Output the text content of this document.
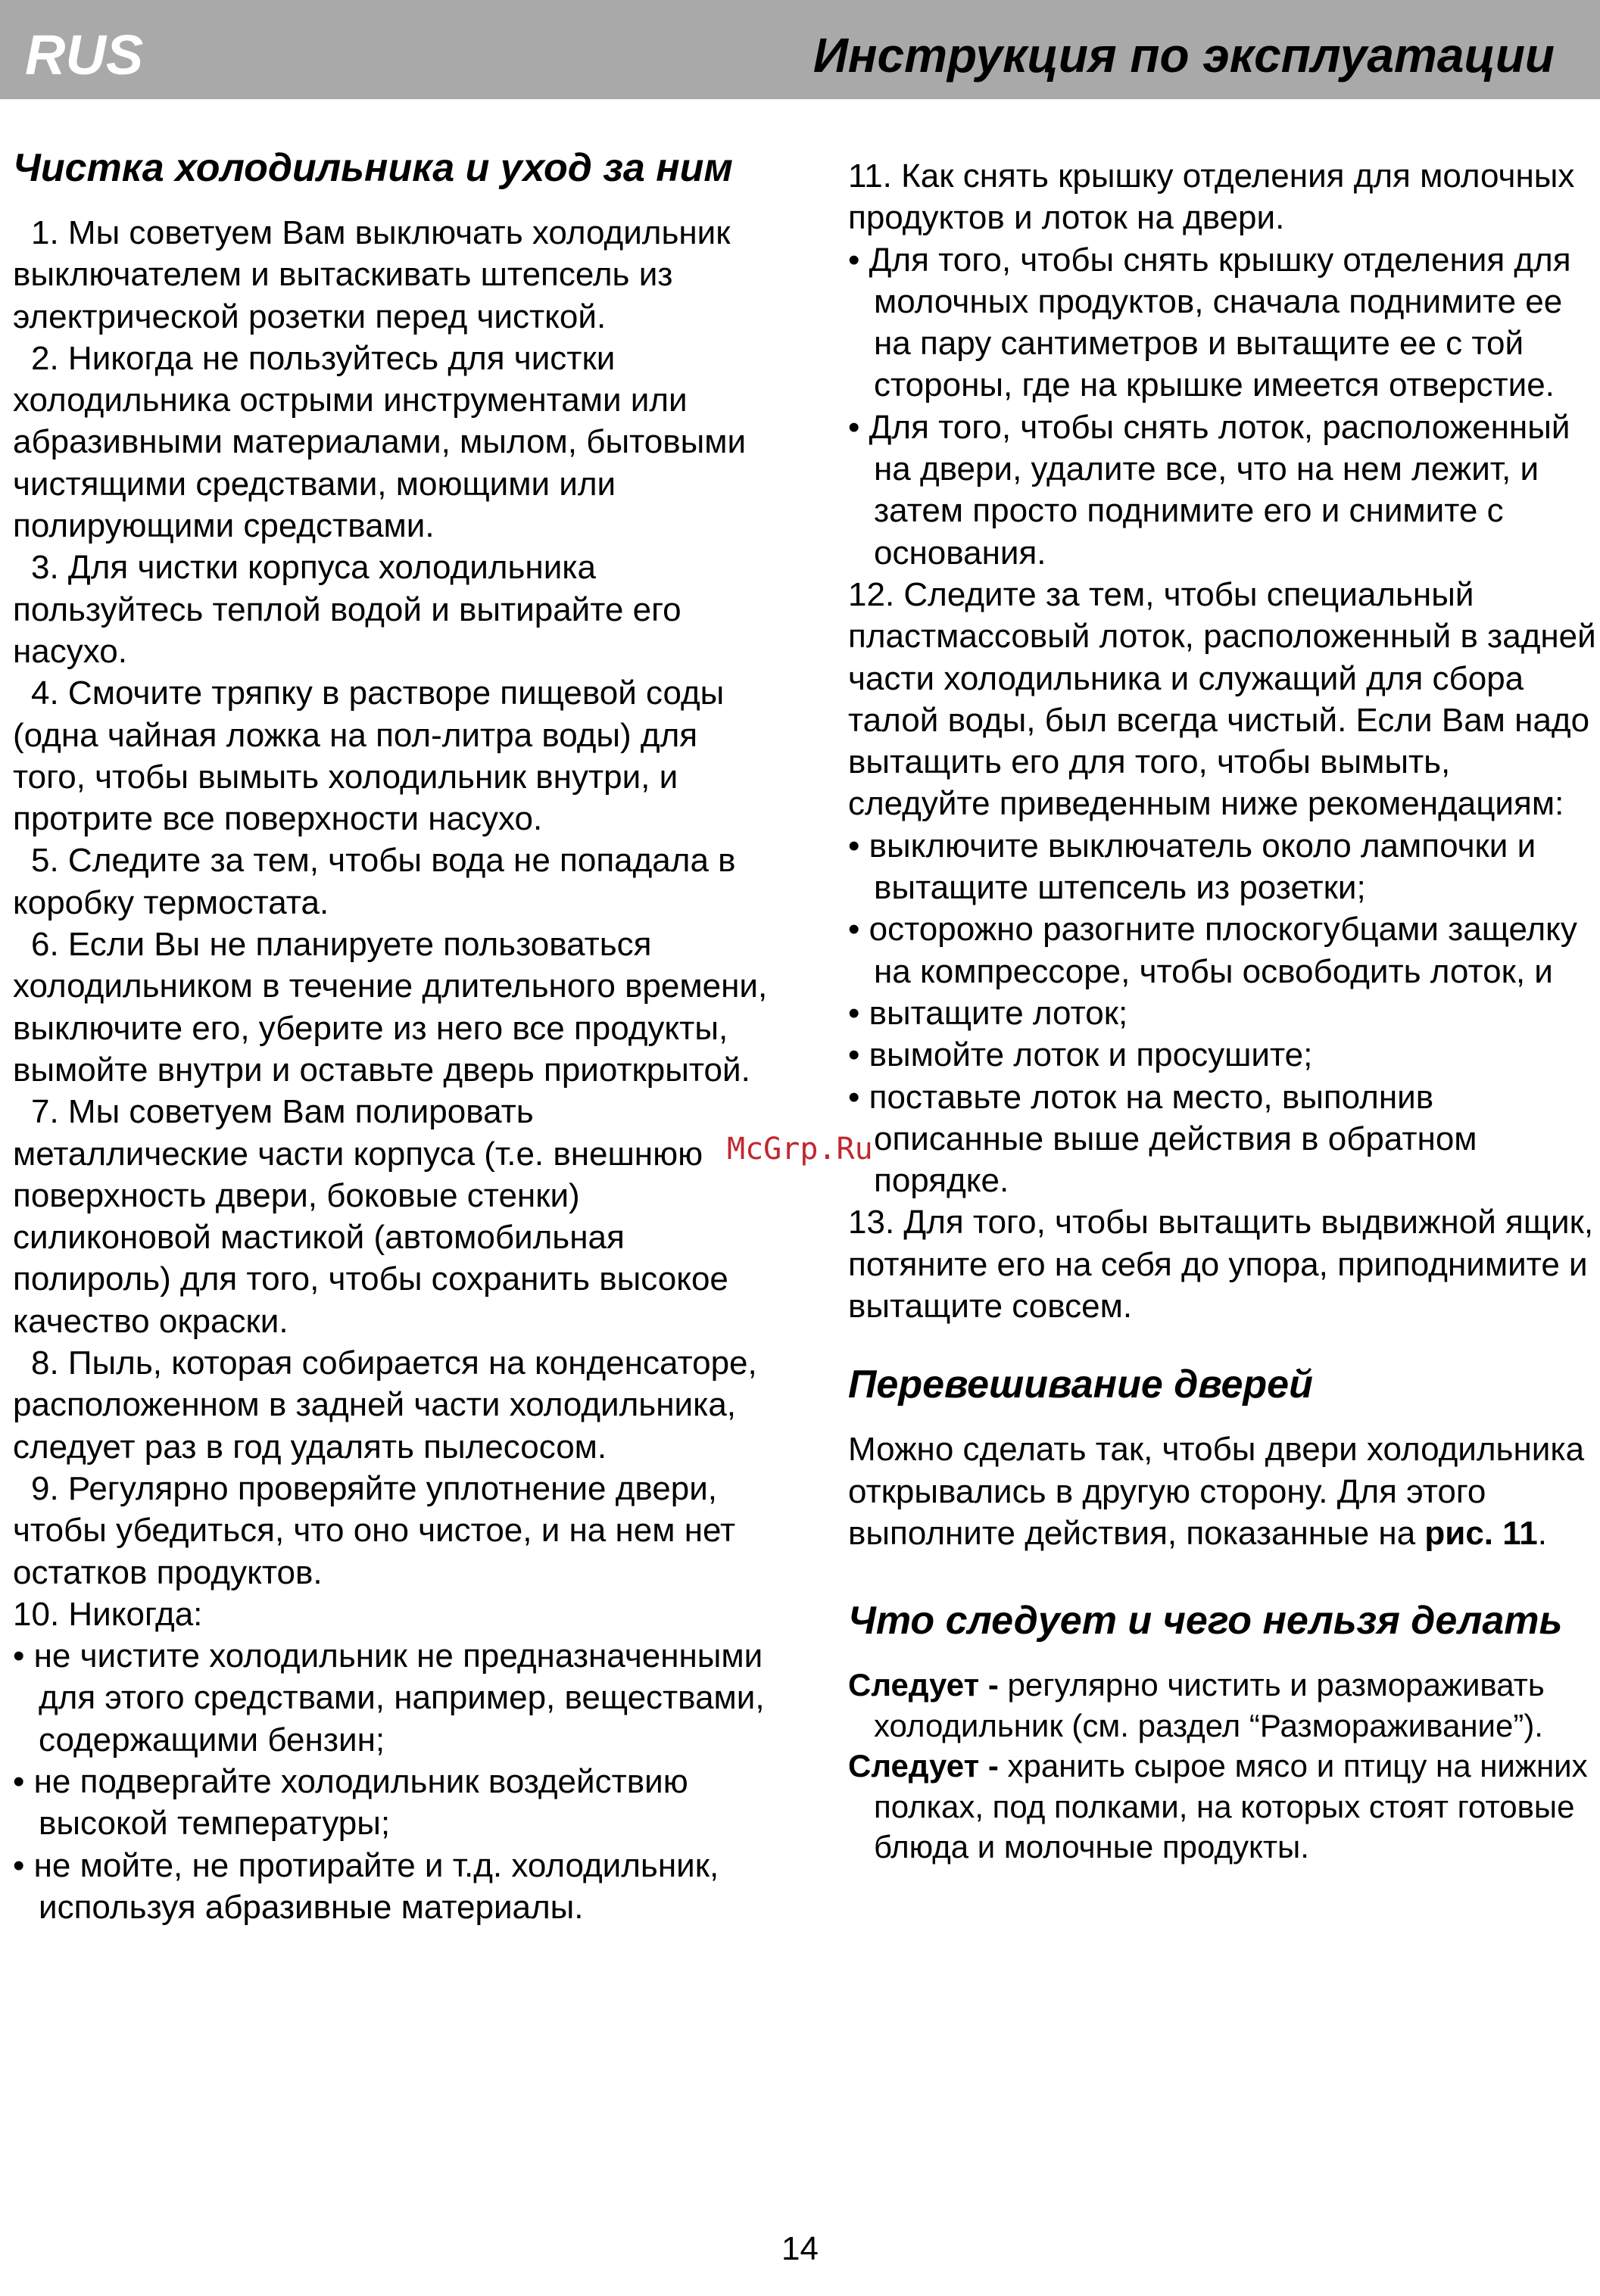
RUS	Инструкция по эксплуатации
Чистка холодильника и уход за ним

1. Мы советуем Вам выключать холодильник выключателем и вытаскивать штепсель из электрической розетки перед чисткой.

2. Никогда не пользуйтесь для чистки холодильника острыми инструментами или абразивными материалами, мылом, бытовыми чистящими средствами, моющими или полирующими средствами.

3. Для чистки корпуса холодильника пользуйтесь теплой водой и вытирайте его насухо.

4. Смочите тряпку в растворе пищевой соды (одна чайная ложка на пол-литра воды) для того, чтобы вымыть холодильник внутри, и протрите все поверхности насухо.

5. Следите за тем, чтобы вода не попадала в коробку термостата.

6. Если Вы не планируете пользоваться холодильником в течение длительного времени, выключите его, уберите из него все продукты, вымойте внутри и оставьте дверь приоткрытой.

7. Мы советуем Вам полировать металлические части корпуса (т.е. внешнюю поверхность двери, боковые стенки) силиконовой мастикой (автомобильная полироль) для того, чтобы сохранить высокое качество окраски.

8. Пыль, которая собирается на конденсаторе, расположенном в задней части холодильника, следует раз в год удалять пылесосом.

9. Регулярно проверяйте уплотнение двери, чтобы убедиться, что оно чистое, и на нем нет остатков продуктов.

10. Никогда:

• не чистите холодильник не предназначенными для этого средствами, например, веществами, содержащими бензин;

• не подвергайте холодильник воздействию высокой температуры;

• не мойте, не протирайте и т.д. холодильник, используя абразивные материалы.

11. Как снять крышку отделения для молочных продуктов и лоток на двери.

• Для того, чтобы снять крышку отделения для молочных продуктов, сначала поднимите ее на пару сантиметров и вытащите ее с той стороны, где на крышке имеется отверстие.

• Для того, чтобы снять лоток, расположенный на двери, удалите все, что на нем лежит, и затем просто поднимите его и снимите с основания.

12. Следите за тем, чтобы специальный пластмассовый лоток, расположенный в задней части холодильника и служащий для сбора талой воды, был всегда чистый. Если Вам надо вытащить его для того, чтобы вымыть, следуйте приведенным ниже рекомендациям:

• выключите выключатель около лампочки и вытащите штепсель из розетки;

• осторожно разогните плоскогубцами защелку на компрессоре, чтобы освободить лоток, и

• вытащите лоток;

• вымойте лоток и просушите;

• поставьте лоток на место, выполнив описанные выше действия в обратном порядке.

13. Для того, чтобы вытащить выдвижной ящик, потяните его на себя до упора, приподнимите и вытащите совсем.

Перевешивание дверей

Можно сделать так, чтобы двери холодильника открывались в другую сторону. Для этого выполните действия, показанные на рис. 11.

Что следует и чего нельзя делать

Следует - регулярно чистить и размораживать холодильник (см. раздел “Размораживание”).

Следует - хранить сырое мясо и птицу на нижних полках, под полками, на которых стоят готовые блюда и молочные продукты.

McGrp.Ru
14
